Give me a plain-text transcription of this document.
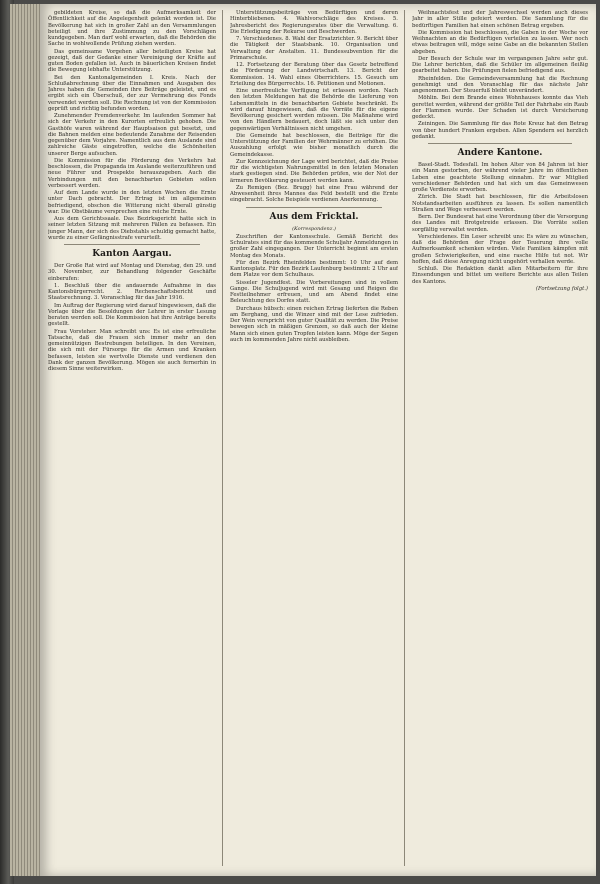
gebildeten Kreise, so daß die Aufmerksamkeit der Öffentlichkeit auf die Angelegenheit gelenkt worden ist. Die Bevölkerung hat sich in großer Zahl an den Versammlungen beteiligt und ihre Zustimmung zu den Vorschlägen kundgegeben. Man darf wohl erwarten, daß die Behörden die Sache in wohlwollende Prüfung ziehen werden.

Das gemeinsame Vorgehen aller beteiligten Kreise hat gezeigt, daß der Gedanke einer Vereinigung der Kräfte auf guten Boden gefallen ist. Auch in bäuerlichen Kreisen findet die Bewegung lebhafte Unterstützung.

Bei den Kantonalgemeinden I. Kreis. Nach der Schlußabrechnung über die Einnahmen und Ausgaben des Jahres haben die Gemeinden ihre Beiträge geleistet, und es ergibt sich ein Überschuß, der zur Vermehrung des Fonds verwendet werden soll. Die Rechnung ist von der Kommission geprüft und richtig befunden worden.

Zunehmender Fremdenverkehr. Im laufenden Sommer hat sich der Verkehr in den Kurorten erfreulich gehoben. Die Gasthöfe waren während der Hauptsaison gut besetzt, und die Bahnen melden eine bedeutende Zunahme der Reisenden gegenüber dem Vorjahre. Namentlich aus dem Auslande sind zahlreiche Gäste eingetroffen, welche die Schönheiten unserer Berge aufsuchen.

Die Kommission für die Förderung des Verkehrs hat beschlossen, die Propaganda im Auslande weiterzuführen und neue Führer und Prospekte herauszugeben. Auch die Verbindungen mit den benachbarten Gebieten sollen verbessert werden.

Auf dem Lande wurde in den letzten Wochen die Ernte unter Dach gebracht. Der Ertrag ist im allgemeinen befriedigend, obschon die Witterung nicht überall günstig war. Die Obstbäume versprechen eine reiche Ernte.

Aus dem Gerichtssaale. Das Bezirksgericht hatte sich in seiner letzten Sitzung mit mehreren Fällen zu befassen. Ein junger Mann, der sich des Diebstahls schuldig gemacht hatte, wurde zu einer Gefängnisstrafe verurteilt.

Kanton Aargau.

Der Große Rat wird auf Montag und Dienstag, den 29. und 30. November, zur Behandlung folgender Geschäfte einberufen:

1. Beschluß über die andauernde Aufnahme in das Kantonsbürgerrecht. 2. Rechenschaftsbericht und Staatsrechnung. 3. Voranschlag für das Jahr 1916.

Im Auftrag der Regierung wird darauf hingewiesen, daß die Vorlage über die Besoldungen der Lehrer in erster Lesung beraten werden soll. Die Kommission hat ihre Anträge bereits gestellt.

Frau Vorsteher. Man schreibt uns: Es ist eine erfreuliche Tatsache, daß die Frauen sich immer mehr an den gemeinnützigen Bestrebungen beteiligen. In den Vereinen, die sich mit der Fürsorge für die Armen und Kranken befassen, leisten sie wertvolle Dienste und verdienen den Dank der ganzen Bevölkerung. Mögen sie auch fernerhin in diesem Sinne weiterwirken.

Unterstützungsbeiträge von Bedürftigen und deren Hinterbliebenen. 4. Wahlvorschläge des Kreises. 5. Jahresbericht des Regierungsrates über die Verwaltung. 6. Die Erledigung der Rekurse und Beschwerden.

7. Verschiedenes. 8. Wahl der Ersatzrichter. 9. Bericht über die Tätigkeit der Staatsbank. 10. Organisation und Verwaltung der Anstalten. 11. Bundessubvention für die Primarschule.

12. Fortsetzung der Beratung über das Gesetz betreffend die Förderung der Landwirtschaft. 13. Bericht der Kommission. 14. Wahl eines Oberrichters. 15. Gesuch um Erteilung des Bürgerrechts. 16. Petitionen und Motionen.

Eine unerfreuliche Verfügung ist erlassen worden. Nach den letzten Meldungen hat die Behörde die Lieferung von Lebensmitteln in die benachbarten Gebiete beschränkt. Es wird darauf hingewiesen, daß die Vorräte für die eigene Bevölkerung gesichert werden müssen. Die Maßnahme wird von den Händlern bedauert, doch läßt sie sich unter den gegenwärtigen Verhältnissen nicht umgehen.

Die Gemeinde hat beschlossen, die Beiträge für die Unterstützung der Familien der Wehrmänner zu erhöhen. Die Auszahlung erfolgt wie bisher monatlich durch die Gemeindekasse.

Zur Kennzeichnung der Lage wird berichtet, daß die Preise für die wichtigsten Nahrungsmittel in den letzten Monaten stark gestiegen sind. Die Behörden prüfen, wie der Not der ärmeren Bevölkerung gesteuert werden kann.

Zu Remigen (Bez. Brugg) hat eine Frau während der Abwesenheit ihres Mannes das Feld bestellt und die Ernte eingebracht. Solche Beispiele verdienen Anerkennung.

Aus dem Fricktal.

(Korrespondenz.)

Zuschriften der Kantonsschule. Gemäß Bericht des Schulrates sind für das kommende Schuljahr Anmeldungen in großer Zahl eingegangen. Der Unterricht beginnt am ersten Montag des Monats.

Für den Bezirk Rheinfelden bestimmt: 10 Uhr auf dem Kantonsplatz. Für den Bezirk Laufenburg bestimmt: 2 Uhr auf dem Platze vor dem Schulhaus.

Sisseler Jugendfest. Die Vorbereitungen sind in vollem Gange. Die Schuljugend wird mit Gesang und Reigen die Festteilnehmer erfreuen, und am Abend findet eine Beleuchtung des Dorfes statt.

Durchaus hübsch: einen reichen Ertrag lieferten die Reben am Berghang, und die Winzer sind mit der Lese zufrieden. Der Wein verspricht von guter Qualität zu werden. Die Preise bewegen sich in mäßigen Grenzen, so daß auch der kleine Mann sich einen guten Tropfen leisten kann. Möge der Segen auch im kommenden Jahre nicht ausbleiben.

Weihnachtsfest und der Jahreswechsel werden auch dieses Jahr in aller Stille gefeiert werden. Die Sammlung für die bedürftigen Familien hat einen schönen Betrag ergeben.

Die Kommission hat beschlossen, die Gaben in der Woche vor Weihnachten an die Bedürftigen verteilen zu lassen. Wer noch etwas beitragen will, möge seine Gabe an die bekannten Stellen abgeben.

Der Besuch der Schule war im vergangenen Jahre sehr gut. Die Lehrer berichten, daß die Schüler im allgemeinen fleißig gearbeitet haben. Die Prüfungen fielen befriedigend aus.

Rheinfelden. Die Gemeindeversammlung hat die Rechnung genehmigt und den Voranschlag für das nächste Jahr angenommen. Der Steuerfuß bleibt unverändert.

Möhlin. Bei dem Brande eines Wohnhauses konnte das Vieh gerettet werden, während der größte Teil der Fahrhabe ein Raub der Flammen wurde. Der Schaden ist durch Versicherung gedeckt.

Zeiningen. Die Sammlung für das Rote Kreuz hat den Betrag von über hundert Franken ergeben. Allen Spendern sei herzlich gedankt.

Andere Kantone.

Basel-Stadt. Todesfall. Im hohen Alter von 84 Jahren ist hier ein Mann gestorben, der während vieler Jahre im öffentlichen Leben eine geachtete Stellung einnahm. Er war Mitglied verschiedener Behörden und hat sich um das Gemeinwesen große Verdienste erworben.

Zürich. Die Stadt hat beschlossen, für die Arbeitslosen Notstandsarbeiten ausführen zu lassen. Es sollen namentlich Straßen und Wege verbessert werden.

Bern. Der Bundesrat hat eine Verordnung über die Versorgung des Landes mit Brotgetreide erlassen. Die Vorräte sollen sorgfältig verwaltet werden.

Verschiedenes. Ein Leser schreibt uns: Es wäre zu wünschen, daß die Behörden der Frage der Teuerung ihre volle Aufmerksamkeit schenken würden. Viele Familien kämpfen mit großen Schwierigkeiten, und eine rasche Hilfe tut not. Wir hoffen, daß diese Anregung nicht ungehört verhallen werde.

Schluß. Die Redaktion dankt allen Mitarbeitern für ihre Einsendungen und bittet um weitere Berichte aus allen Teilen des Kantons.

(Fortsetzung folgt.)
